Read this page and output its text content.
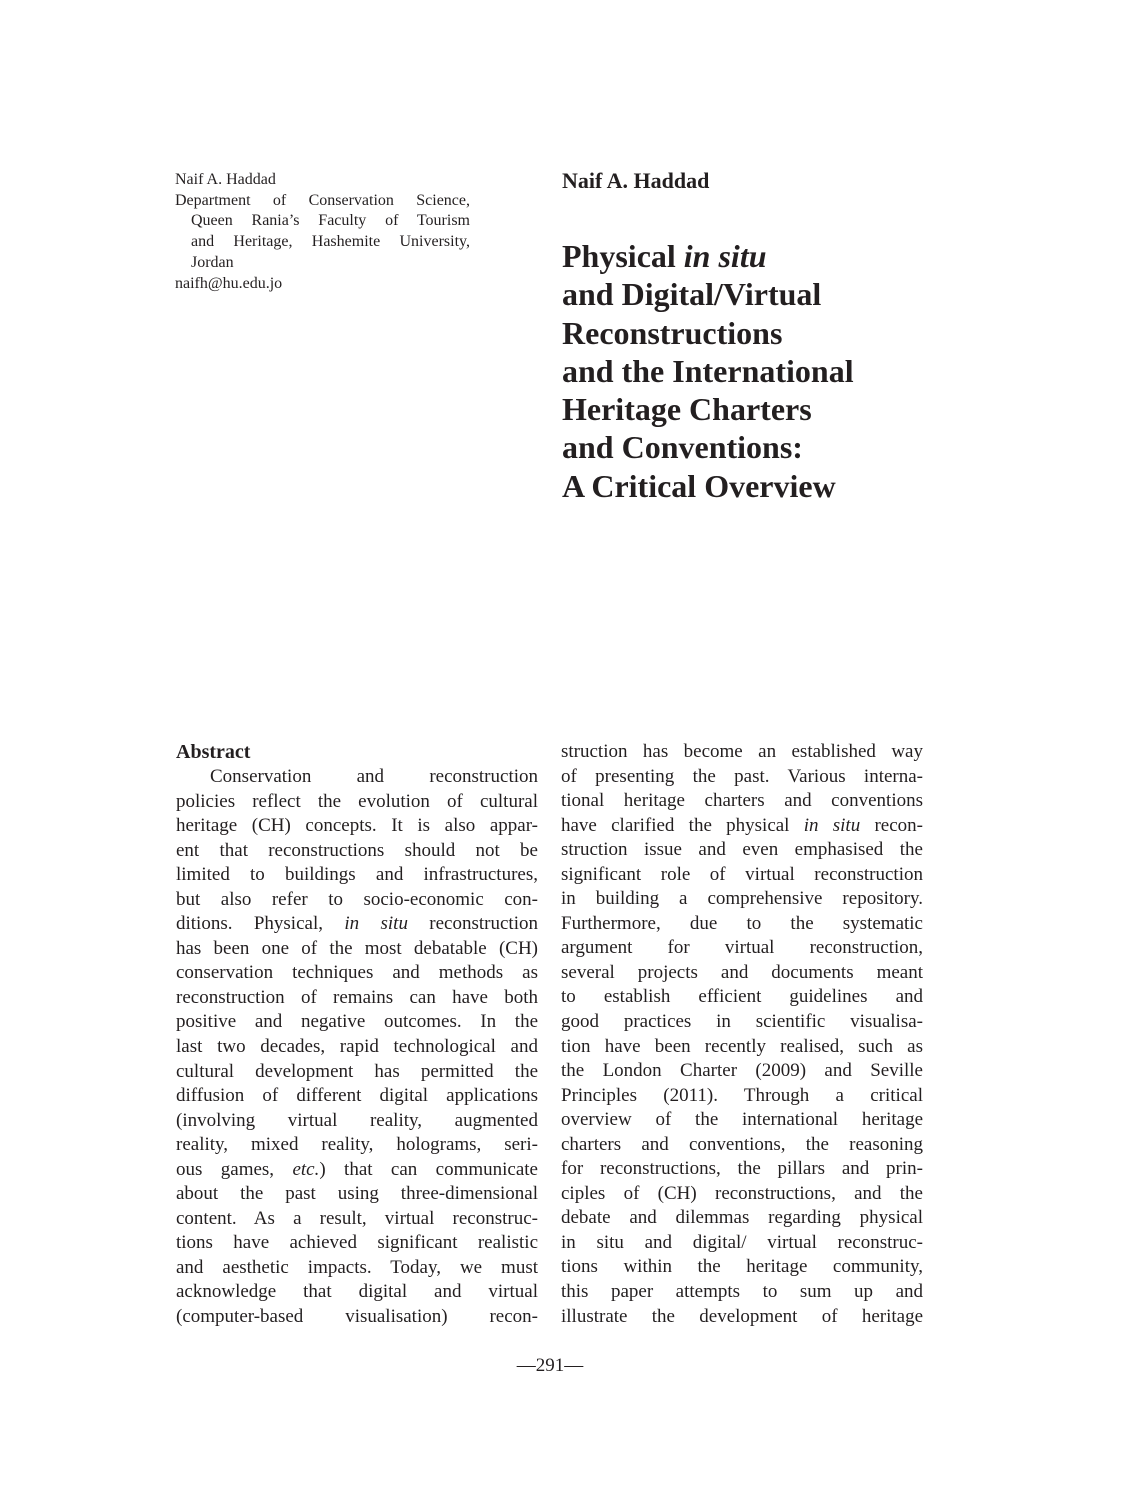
Naif A. Haddad
Department of Conservation Science,
Queen Rania’s Faculty of Tourism
and Heritage, Hashemite University,
Jordan
naifh@hu.edu.jo
Naif A. Haddad
Physical in situ
and Digital/Virtual
Reconstructions
and the International
Heritage Charters
and Conventions:
A Critical Overview
Abstract
Conservation and reconstruction
policies reflect the evolution of cultural
heritage (CH) concepts. It is also appar-
ent that reconstructions should not be
limited to buildings and infrastructures,
but also refer to socio-economic con-
ditions. Physical, in situ reconstruction
has been one of the most debatable (CH)
conservation techniques and methods as
reconstruction of remains can have both
positive and negative outcomes. In the
last two decades, rapid technological and
cultural development has permitted the
diffusion of different digital applications
(involving virtual reality, augmented
reality, mixed reality, holograms, seri-
ous games, etc.) that can communicate
about the past using three-dimensional
content. As a result, virtual reconstruc-
tions have achieved significant realistic
and aesthetic impacts. Today, we must
acknowledge that digital and virtual
(computer-based visualisation) recon-
struction has become an established way
of presenting the past. Various interna-
tional heritage charters and conventions
have clarified the physical in situ recon-
struction issue and even emphasised the
significant role of virtual reconstruction
in building a comprehensive repository.
Furthermore, due to the systematic
argument for virtual reconstruction,
several projects and documents meant
to establish efficient guidelines and
good practices in scientific visualisa-
tion have been recently realised, such as
the London Charter (2009) and Seville
Principles (2011). Through a critical
overview of the international heritage
charters and conventions, the reasoning
for reconstructions, the pillars and prin-
ciples of (CH) reconstructions, and the
debate and dilemmas regarding physical
in situ and digital/ virtual reconstruc-
tions within the heritage community,
this paper attempts to sum up and
illustrate the development of heritage
—291—
